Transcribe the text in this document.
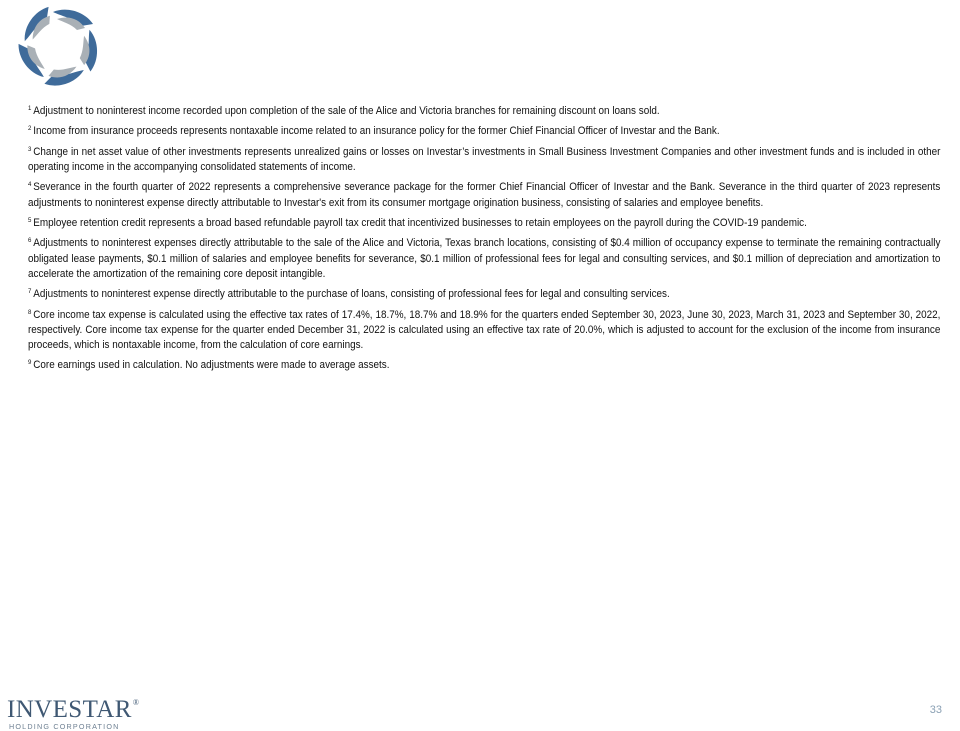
$^1$ Adjustment to noninterest income recorded upon completion of the sale of the Alice and Victoria branches for remaining discount on loans sold.

$^2$ Income from insurance proceeds represents nontaxable income related to an insurance policy for the former Chief Financial Officer of Investar and the Bank.

$^3$ Change in net asset value of other investments represents unrealized gains or losses on Investar’s investments in Small Business Investment Companies and other investment funds and is included in other operating income in the accompanying consolidated statements of income.

$^4$ Severance in the fourth quarter of 2022 represents a comprehensive severance package for the former Chief Financial Officer of Investar and the Bank. Severance in the third quarter of 2023 represents adjustments to noninterest expense directly attributable to Investar's exit from its consumer mortgage origination business, consisting of salaries and employee benefits.

$^5$ Employee retention credit represents a broad based refundable payroll tax credit that incentivized businesses to retain employees on the payroll during the COVID-19 pandemic.

$^6$ Adjustments to noninterest expenses directly attributable to the sale of the Alice and Victoria, Texas branch locations, consisting of $0.4 million of occupancy expense to terminate the remaining contractually obligated lease payments, $0.1 million of salaries and employee benefits for severance, $0.1 million of professional fees for legal and consulting services, and $0.1 million of depreciation and amortization to accelerate the amortization of the remaining core deposit intangible.

$^7$ Adjustments to noninterest expense directly attributable to the purchase of loans, consisting of professional fees for legal and consulting services.

$^8$ Core income tax expense is calculated using the effective tax rates of 17.4%, 18.7%, 18.7% and 18.9% for the quarters ended September 30, 2023, June 30, 2023, March 31, 2023 and September 30, 2022, respectively. Core income tax expense for the quarter ended December 31, 2022 is calculated using an effective tax rate of 20.0%, which is adjusted to account for the exclusion of the income from insurance proceeds, which is nontaxable income, from the calculation of core earnings.

$^9$ Core earnings used in calculation. No adjustments were made to average assets.

INVESTAR®
HOLDING CORPORATION
33
